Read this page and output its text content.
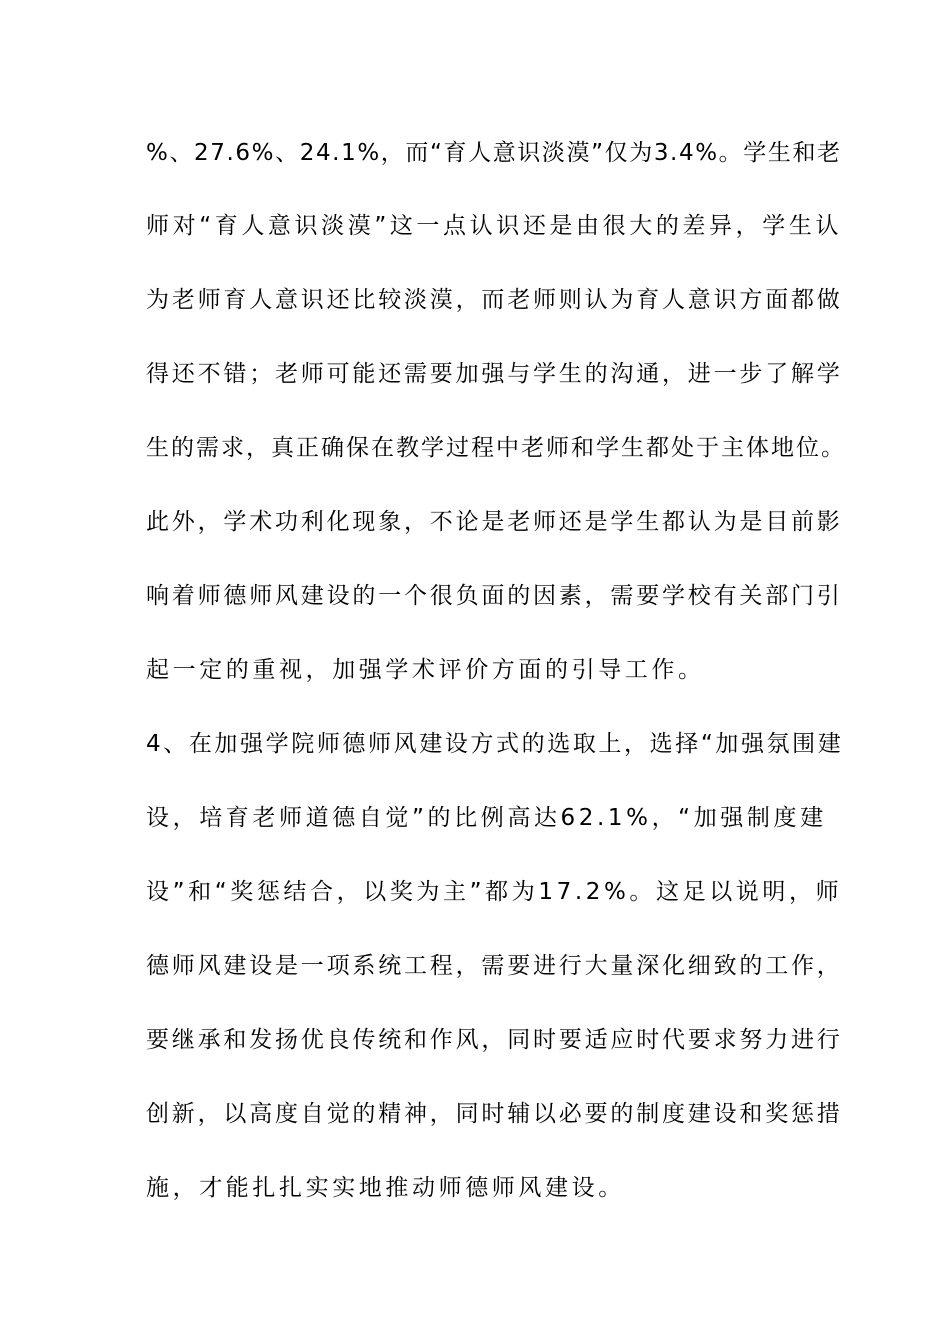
%、27.6%、24.1%，而“育人意识淡漠”仅为3.4%。学生和老
师对“育人意识淡漠”这一点认识还是由很大的差异，学生认
为老师育人意识还比较淡漠，而老师则认为育人意识方面都做
得还不错；老师可能还需要加强与学生的沟通，进一步了解学
生的需求，真正确保在教学过程中老师和学生都处于主体地位。
此外，学术功利化现象，不论是老师还是学生都认为是目前影
响着师德师风建设的一个很负面的因素，需要学校有关部门引
起一定的重视，加强学术评价方面的引导工作。
4、在加强学院师德师风建设方式的选取上，选择“加强氛围建
设，培育老师道德自觉”的比例高达62.1%，“加强制度建
设”和“奖惩结合，以奖为主”都为17.2%。这足以说明，师
德师风建设是一项系统工程，需要进行大量深化细致的工作，
要继承和发扬优良传统和作风，同时要适应时代要求努力进行
创新，以高度自觉的精神，同时辅以必要的制度建设和奖惩措
施，才能扎扎实实地推动师德师风建设。
